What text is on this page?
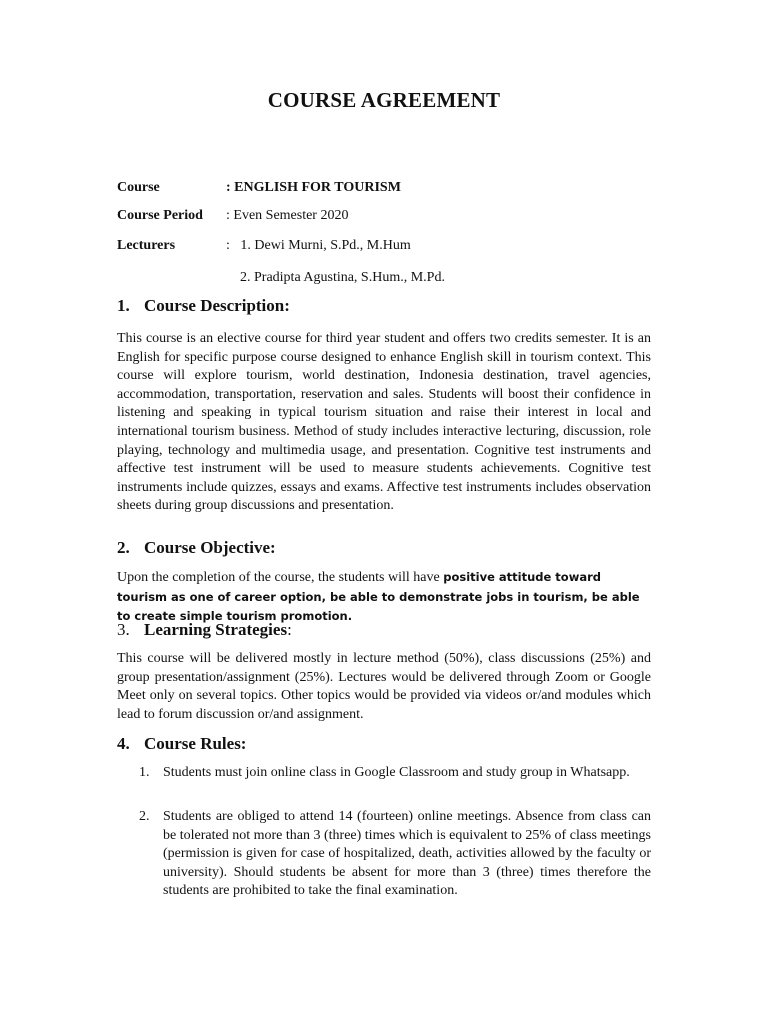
COURSE AGREEMENT
Course	: ENGLISH FOR TOURISM
Course Period : Even Semester 2020
Lecturers	:   1. Dewi Murni, S.Pd., M.Hum
2. Pradipta Agustina, S.Hum., M.Pd.
1. Course Description:
This course is an elective course for third year student and offers two credits semester. It is an English for specific purpose course designed to enhance English skill in tourism context. This course will explore tourism, world destination, Indonesia destination, travel agencies, accommodation, transportation, reservation and sales. Students will boost their confidence in listening and speaking in typical tourism situation and raise their interest in local and international tourism business. Method of study includes interactive lecturing, discussion, role playing, technology and multimedia usage, and presentation. Cognitive test instruments and affective test instrument will be used to measure students achievements. Cognitive test instruments include quizzes, essays and exams. Affective test instruments includes observation sheets during group discussions and presentation.
2. Course Objective:
Upon the completion of the course, the students will have positive attitude toward tourism as one of career option, be able to demonstrate jobs in tourism, be able to create simple tourism promotion.
3. Learning Strategies:
This course will be delivered mostly in lecture method (50%), class discussions (25%) and group presentation/assignment (25%). Lectures would be delivered through Zoom or Google Meet only on several topics. Other topics would be provided via videos or/and modules which lead to forum discussion or/and assignment.
4. Course Rules:
1. Students must join online class in Google Classroom and study group in Whatsapp.
2. Students are obliged to attend 14 (fourteen) online meetings. Absence from class can be tolerated not more than 3 (three) times which is equivalent to 25% of class meetings (permission is given for case of hospitalized, death, activities allowed by the faculty or university). Should students be absent for more than 3 (three) times therefore the students are prohibited to take the final examination.
